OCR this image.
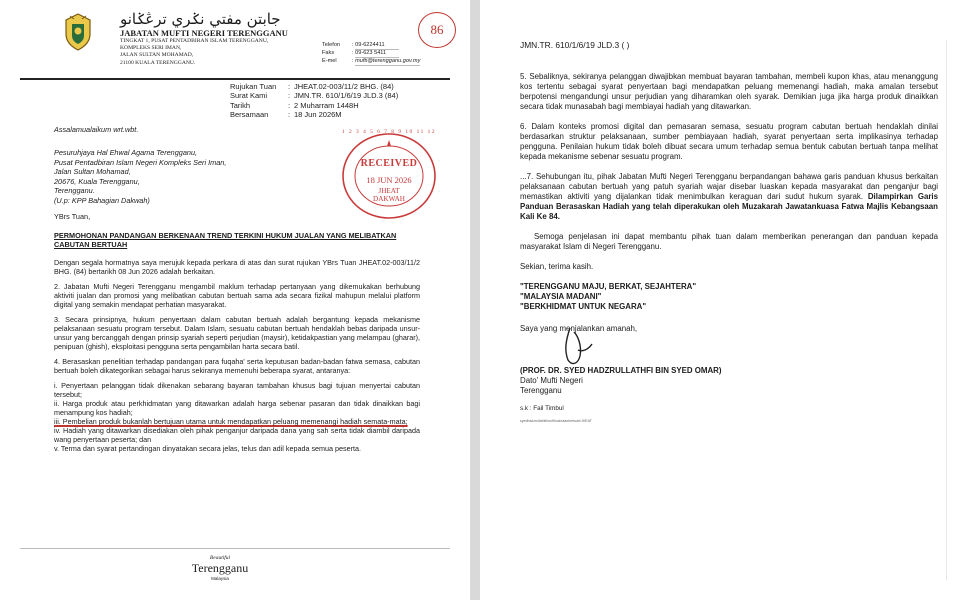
جابتن مفتي نݢري ترڠݢانو
JABATAN MUFTI NEGERI TERENGGANU
TINGKAT 1, PUSAT PENTADBIRAN ISLAM TERENGGANU,
KOMPLEKS SERI IMAN,
JALAN SULTAN MOHAMAD,
21100 KUALA TERENGGANU.
Telefon : 09-6224411
Faks	: 09-623 5411
E-mel	: mufti@terengganu.gov.my
86
Rujukan Tuan : JHEAT.02-003/11/2 BHG. (84)
Surat Kami	: JMN.TR. 610/1/6/19 JLD.3 (84)
Tarikh	: 2 Muharram 1448H
Bersamaan	: 18 Jun 2026M
RECEIVED
18 JUN 2026
JHEAT
DAKWAH
1 2 3 4 5 6 7 8 9 10 11 12
Assalamualaikum wrt.wbt.
Pesuruhjaya Hal Ehwal Agama Terengganu,
Pusat Pentadbiran Islam Negeri Kompleks Seri Iman,
Jalan Sultan Mohamad,
20676, Kuala Terengganu,
Terengganu.
(U.p: KPP Bahagian Dakwah)
YBrs Tuan,
PERMOHONAN PANDANGAN BERKENAAN TREND TERKINI HUKUM JUALAN YANG MELIBATKAN CABUTAN BERTUAH

Dengan segala hormatnya saya merujuk kepada perkara di atas dan surat rujukan YBrs Tuan JHEAT.02-003/11/2 BHG. (84) bertarikh 08 Jun 2026 adalah berkaitan.

2. Jabatan Mufti Negeri Terengganu mengambil maklum terhadap pertanyaan yang dikemukakan berhubung aktiviti jualan dan promosi yang melibatkan cabutan bertuah sama ada secara fizikal mahupun melalui platform digital yang semakin mendapat perhatian masyarakat.

3. Secara prinsipnya, hukum penyertaan dalam cabutan bertuah adalah bergantung kepada mekanisme pelaksanaan sesuatu program tersebut. Dalam Islam, sesuatu cabutan bertuah hendaklah bebas daripada unsur-unsur yang bercanggah dengan prinsip syariah seperti perjudian (maysir), ketidakpastian yang melampau (gharar), penipuan (ghish), eksploitasi pengguna serta pengambilan harta secara batil.

4. Berasaskan penelitian terhadap pandangan para fuqaha' serta keputusan badan-badan fatwa semasa, cabutan bertuah boleh dikategorikan sebagai harus sekiranya memenuhi beberapa syarat, antaranya:

i. Penyertaan pelanggan tidak dikenakan sebarang bayaran tambahan khusus bagi tujuan menyertai cabutan tersebut;
ii. Harga produk atau perkhidmatan yang ditawarkan adalah harga sebenar pasaran dan tidak dinaikkan bagi menampung kos hadiah;
iii. Pembelian produk bukanlah bertujuan utama untuk mendapatkan peluang memenangi hadiah semata-mata;
iv. Hadiah yang ditawarkan disediakan oleh pihak penganjur daripada dana yang sah serta tidak diambil daripada wang penyertaan peserta; dan
v. Terma dan syarat pertandingan dinyatakan secara jelas, telus dan adil kepada semua peserta.
Beautiful
Terengganu
Malaysia
JMN.TR. 610/1/6/19 JLD.3 ( )

5. Sebaliknya, sekiranya pelanggan diwajibkan membuat bayaran tambahan, membeli kupon khas, atau menanggung kos tertentu sebagai syarat penyertaan bagi mendapatkan peluang memenangi hadiah, maka amalan tersebut berpotensi mengandungi unsur perjudian yang diharamkan oleh syarak. Demikian juga jika harga produk dinaikkan secara tidak munasabah bagi membiayai hadiah yang ditawarkan.

6. Dalam konteks promosi digital dan pemasaran semasa, sesuatu program cabutan bertuah hendaklah dinilai berdasarkan struktur pelaksanaan, sumber pembiayaan hadiah, syarat penyertaan serta implikasinya terhadap pengguna. Penilaian hukum tidak boleh dibuat secara umum terhadap semua bentuk cabutan bertuah tanpa melihat kepada mekanisme sebenar sesuatu program.

...7. Sehubungan itu, pihak Jabatan Mufti Negeri Terengganu berpandangan bahawa garis panduan khusus berkaitan pelaksanaan cabutan bertuah yang patuh syariah wajar disebar luaskan kepada masyarakat dan penganjur bagi memastikan aktiviti yang dijalankan tidak menimbulkan keraguan dari sudut hukum syarak. Dilampirkan Garis Panduan Berasaskan Hadiah yang telah diperakukan oleh Muzakarah Jawatankuasa Fatwa Majlis Kebangsaan Kali Ke 84.

Semoga penjelasan ini dapat membantu pihak tuan dalam memberikan penerangan dan panduan kepada masyarakat Islam di Negeri Terengganu.

Sekian, terima kasih.
"TERENGGANU MAJU, BERKAT, SEJAHTERA"
"MALAYSIA MADANI"
"BERKHIDMAT UNTUK NEGARA"
Saya yang menjalankan amanah,
(PROF. DR. SYED HADZRULLATHFI BIN SYED OMAR)
Dato' Mufti Negeri
Terengganu
s.k : Fail Timbul
syedhadzrullathfi/mufti/cabutanbertuah/JHEAT
